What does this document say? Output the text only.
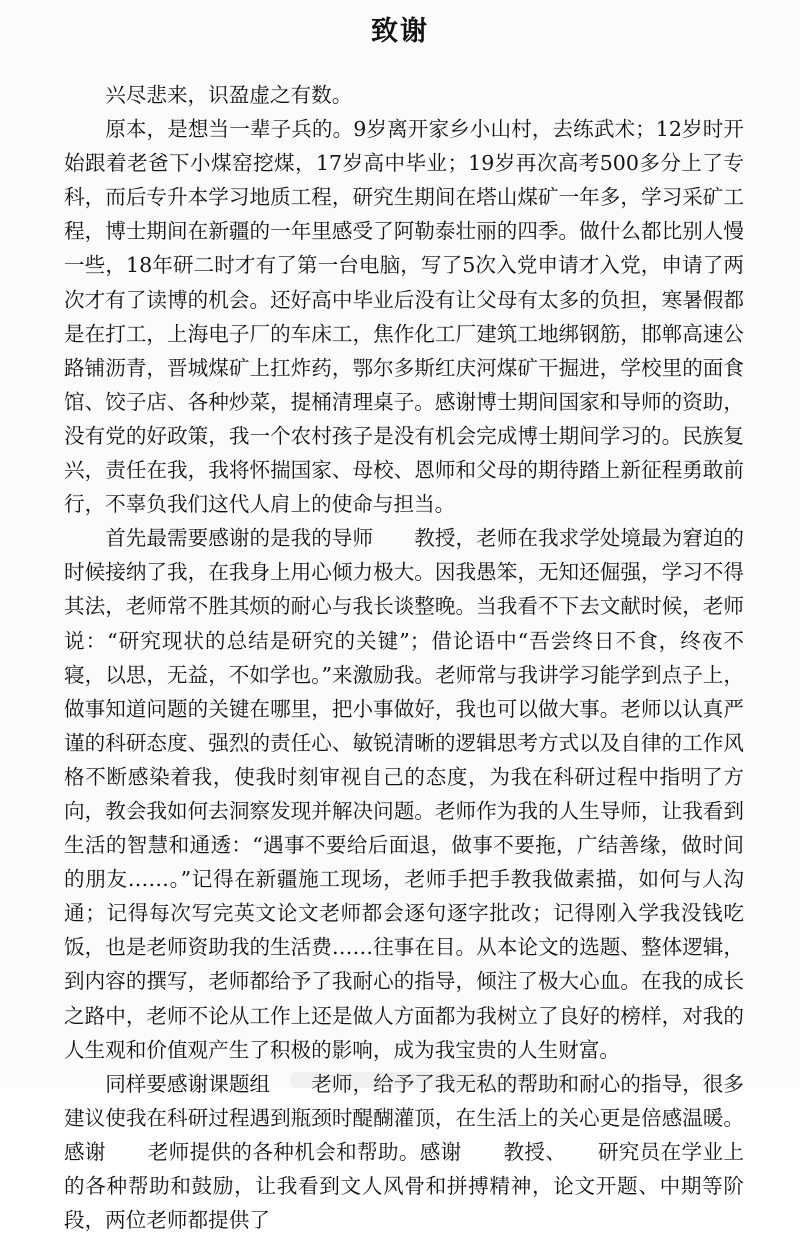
致谢

兴尽悲来，识盈虚之有数。

原本，是想当一辈子兵的。9岁离开家乡小山村，去练武术；12岁时开始跟着老爸下小煤窑挖煤，17岁高中毕业；19岁再次高考500多分上了专科，而后专升本学习地质工程，研究生期间在塔山煤矿一年多，学习采矿工程，博士期间在新疆的一年里感受了阿勒泰壮丽的四季。做什么都比别人慢一些，18年研二时才有了第一台电脑，写了5次入党申请才入党，申请了两次才有了读博的机会。还好高中毕业后没有让父母有太多的负担，寒暑假都是在打工，上海电子厂的车床工，焦作化工厂建筑工地绑钢筋，邯郸高速公路铺沥青，晋城煤矿上扛炸药，鄂尔多斯红庆河煤矿干掘进，学校里的面食馆、饺子店、各种炒菜，提桶清理桌子。感谢博士期间国家和导师的资助，没有党的好政策，我一个农村孩子是没有机会完成博士期间学习的。民族复兴，责任在我，我将怀揣国家、母校、恩师和父母的期待踏上新征程勇敢前行，不辜负我们这代人肩上的使命与担当。

首先最需要感谢的是我的导师　　教授，老师在我求学处境最为窘迫的时候接纳了我，在我身上用心倾力极大。因我愚笨，无知还倔强，学习不得其法，老师常不胜其烦的耐心与我长谈整晚。当我看不下去文献时候，老师说：“研究现状的总结是研究的关键”；借论语中“吾尝终日不食，终夜不寝，以思，无益，不如学也。”来激励我。老师常与我讲学习能学到点子上，做事知道问题的关键在哪里，把小事做好，我也可以做大事。老师以认真严谨的科研态度、强烈的责任心、敏锐清晰的逻辑思考方式以及自律的工作风格不断感染着我，使我时刻审视自己的态度，为我在科研过程中指明了方向，教会我如何去洞察发现并解决问题。老师作为我的人生导师，让我看到生活的智慧和通透：“遇事不要给后面退，做事不要拖，广结善缘，做时间的朋友……。”记得在新疆施工现场，老师手把手教我做素描，如何与人沟通；记得每次写完英文论文老师都会逐句逐字批改；记得刚入学我没钱吃饭，也是老师资助我的生活费……往事在目。从本论文的选题、整体逻辑，到内容的撰写，老师都给予了我耐心的指导，倾注了极大心血。在我的成长之路中，老师不论从工作上还是做人方面都为我树立了良好的榜样，对我的人生观和价值观产生了积极的影响，成为我宝贵的人生财富。

同样要感谢课题组　　老师，给予了我无私的帮助和耐心的指导，很多建议使我在科研过程遇到瓶颈时醍醐灌顶，在生活上的关心更是倍感温暖。感谢　　老师提供的各种机会和帮助。感谢　　教授、　　研究员在学业上的各种帮助和鼓励，让我看到文人风骨和拼搏精神，论文开题、中期等阶段，两位老师都提供了
